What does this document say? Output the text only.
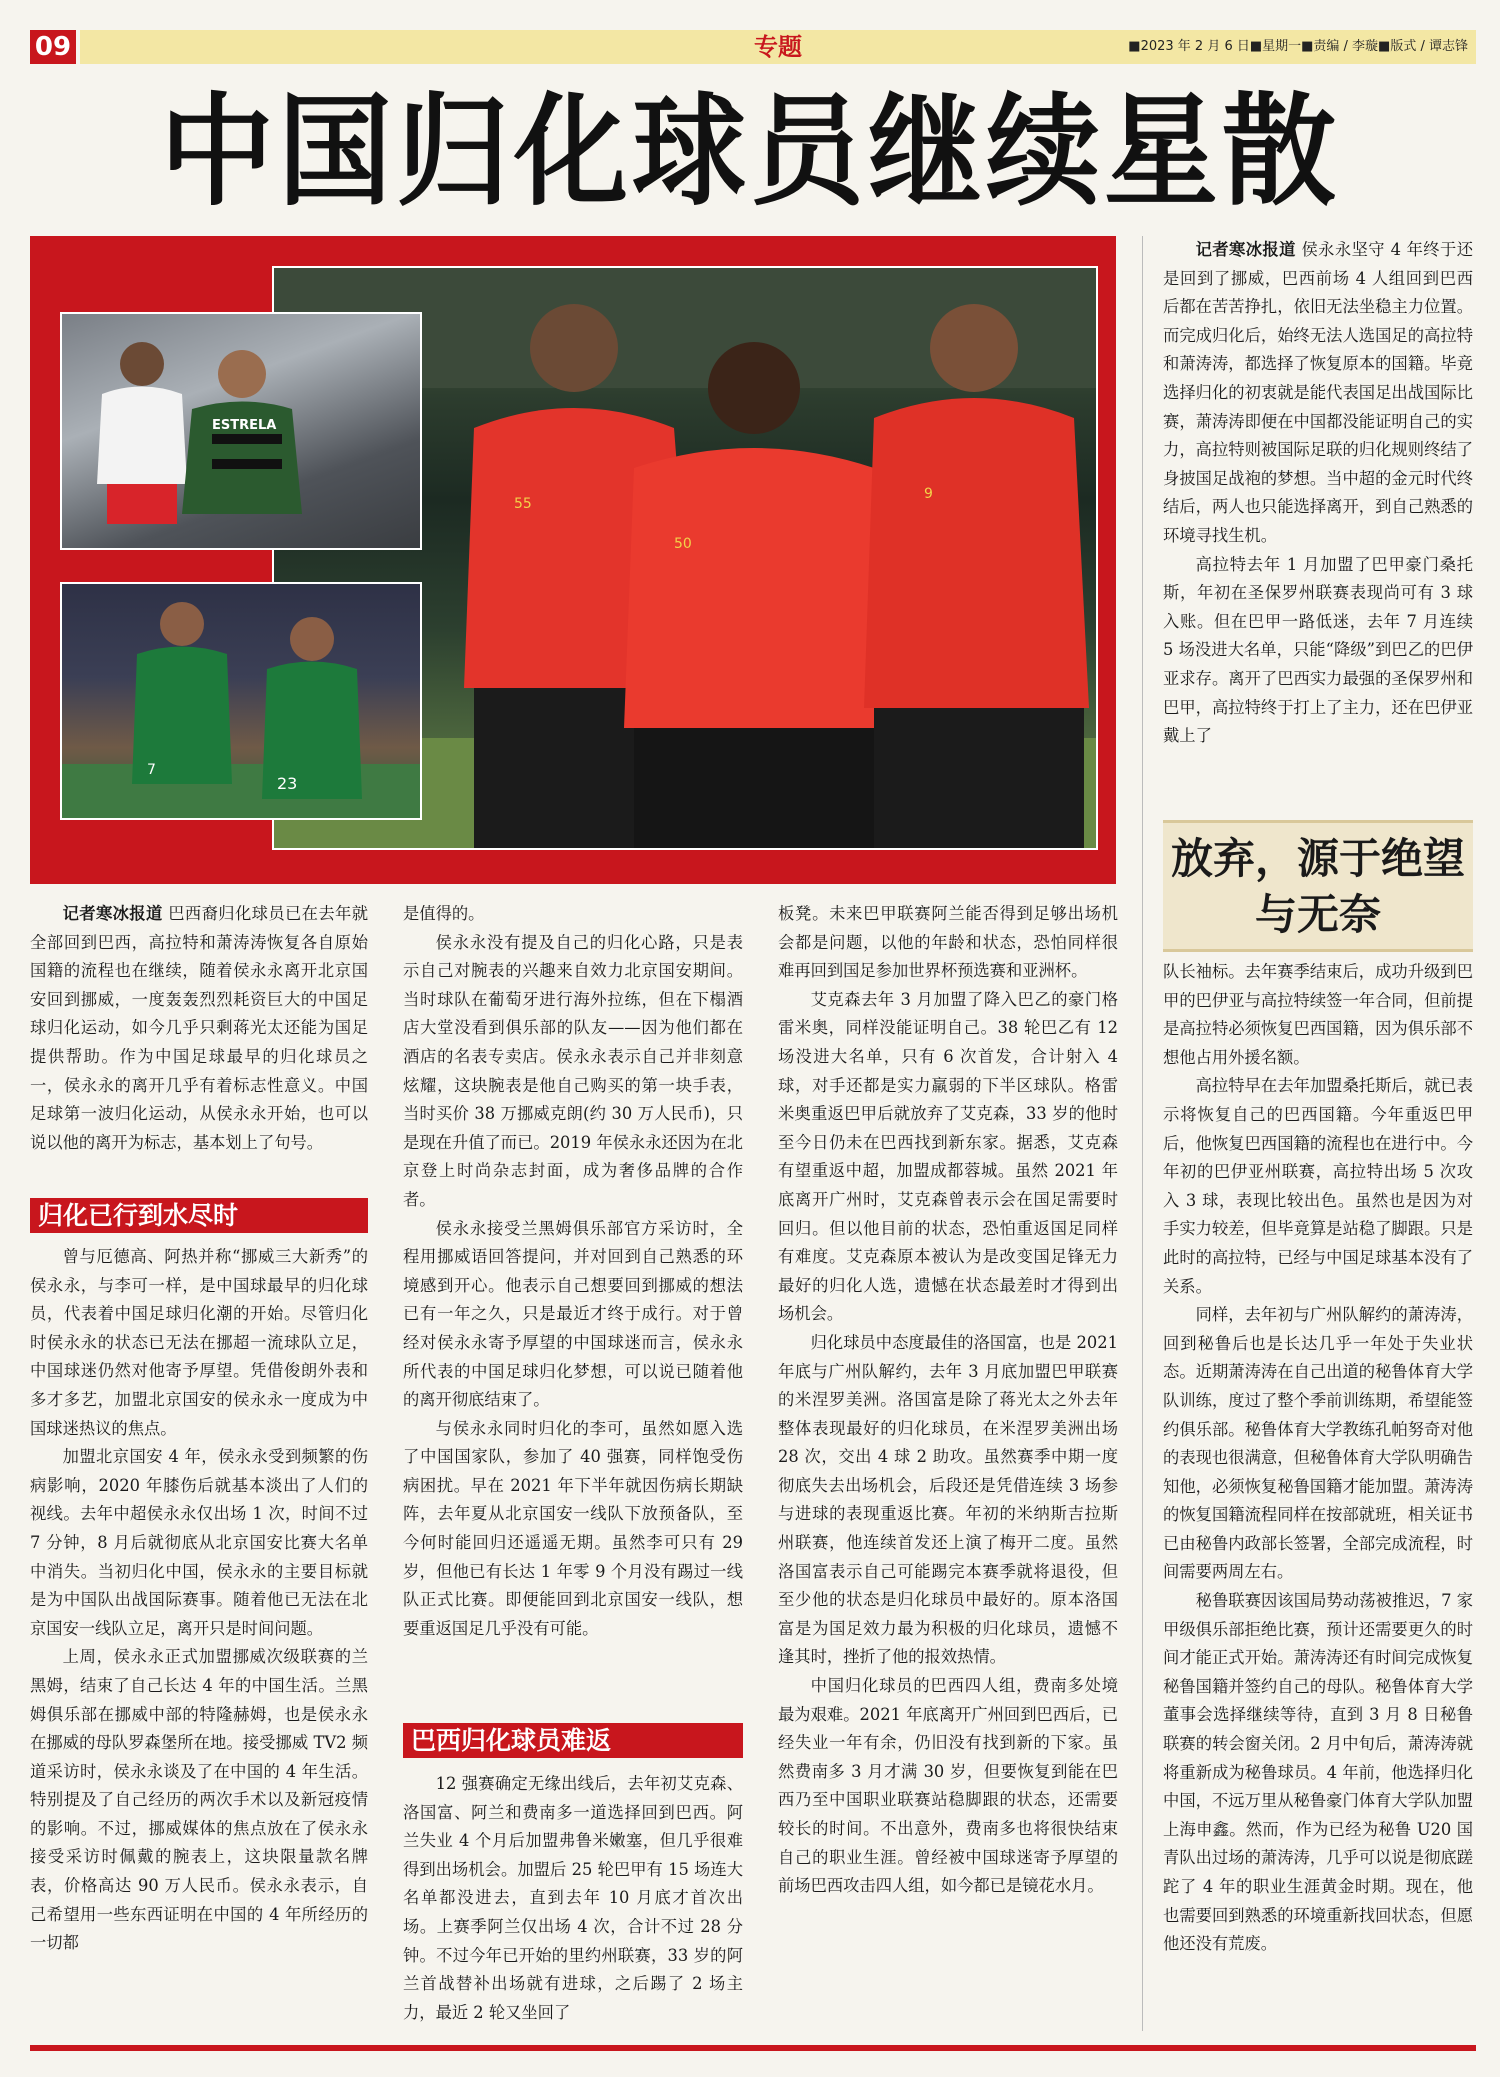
09	专题	■2023 年 2 月 6 日■星期一■责编 / 李璇■版式 / 谭志锋
中国归化球员继续星散
55
50
9
ESTRELA
7
23

记者寒冰报道 巴西裔归化球员已在去年就全部回到巴西，高拉特和萧涛涛恢复各自原始国籍的流程也在继续，随着侯永永离开北京国安回到挪威，一度轰轰烈烈耗资巨大的中国足球归化运动，如今几乎只剩蒋光太还能为国足提供帮助。作为中国足球最早的归化球员之一，侯永永的离开几乎有着标志性意义。中国足球第一波归化运动，从侯永永开始，也可以说以他的离开为标志，基本划上了句号。

归化已行到水尽时

曾与厄德高、阿热并称“挪威三大新秀”的侯永永，与李可一样，是中国球最早的归化球员，代表着中国足球归化潮的开始。尽管归化时侯永永的状态已无法在挪超一流球队立足，中国球迷仍然对他寄予厚望。凭借俊朗外表和多才多艺，加盟北京国安的侯永永一度成为中国球迷热议的焦点。

加盟北京国安 4 年，侯永永受到频繁的伤病影响，2020 年膝伤后就基本淡出了人们的视线。去年中超侯永永仅出场 1 次，时间不过 7 分钟，8 月后就彻底从北京国安比赛大名单中消失。当初归化中国，侯永永的主要目标就是为中国队出战国际赛事。随着他已无法在北京国安一线队立足，离开只是时间问题。

上周，侯永永正式加盟挪威次级联赛的兰黑姆，结束了自己长达 4 年的中国生活。兰黑姆俱乐部在挪威中部的特隆赫姆，也是侯永永在挪威的母队罗森堡所在地。接受挪威 TV2 频道采访时，侯永永谈及了在中国的 4 年生活。特别提及了自己经历的两次手术以及新冠疫情的影响。不过，挪威媒体的焦点放在了侯永永接受采访时佩戴的腕表上，这块限量款名牌表，价格高达 90 万人民币。侯永永表示，自己希望用一些东西证明在中国的 4 年所经历的一切都

是值得的。

侯永永没有提及自己的归化心路，只是表示自己对腕表的兴趣来自效力北京国安期间。当时球队在葡萄牙进行海外拉练，但在下榻酒店大堂没看到俱乐部的队友——因为他们都在酒店的名表专卖店。侯永永表示自己并非刻意炫耀，这块腕表是他自己购买的第一块手表，当时买价 38 万挪威克朗(约 30 万人民币)，只是现在升值了而已。2019 年侯永永还因为在北京登上时尚杂志封面，成为奢侈品牌的合作者。

侯永永接受兰黑姆俱乐部官方采访时，全程用挪威语回答提问，并对回到自己熟悉的环境感到开心。他表示自己想要回到挪威的想法已有一年之久，只是最近才终于成行。对于曾经对侯永永寄予厚望的中国球迷而言，侯永永所代表的中国足球归化梦想，可以说已随着他的离开彻底结束了。

与侯永永同时归化的李可，虽然如愿入选了中国国家队，参加了 40 强赛，同样饱受伤病困扰。早在 2021 年下半年就因伤病长期缺阵，去年夏从北京国安一线队下放预备队，至今何时能回归还遥遥无期。虽然李可只有 29 岁，但他已有长达 1 年零 9 个月没有踢过一线队正式比赛。即便能回到北京国安一线队，想要重返国足几乎没有可能。

巴西归化球员难返

12 强赛确定无缘出线后，去年初艾克森、洛国富、阿兰和费南多一道选择回到巴西。阿兰失业 4 个月后加盟弗鲁米嫩塞，但几乎很难得到出场机会。加盟后 25 轮巴甲有 15 场连大名单都没进去，直到去年 10 月底才首次出场。上赛季阿兰仅出场 4 次，合计不过 28 分钟。不过今年已开始的里约州联赛，33 岁的阿兰首战替补出场就有进球，之后踢了 2 场主力，最近 2 轮又坐回了

板凳。未来巴甲联赛阿兰能否得到足够出场机会都是问题，以他的年龄和状态，恐怕同样很难再回到国足参加世界杯预选赛和亚洲杯。

艾克森去年 3 月加盟了降入巴乙的豪门格雷米奥，同样没能证明自己。38 轮巴乙有 12 场没进大名单，只有 6 次首发，合计射入 4 球，对手还都是实力羸弱的下半区球队。格雷米奥重返巴甲后就放弃了艾克森，33 岁的他时至今日仍未在巴西找到新东家。据悉，艾克森有望重返中超，加盟成都蓉城。虽然 2021 年底离开广州时，艾克森曾表示会在国足需要时回归。但以他目前的状态，恐怕重返国足同样有难度。艾克森原本被认为是改变国足锋无力最好的归化人选，遗憾在状态最差时才得到出场机会。

归化球员中态度最佳的洛国富，也是 2021 年底与广州队解约，去年 3 月底加盟巴甲联赛的米涅罗美洲。洛国富是除了蒋光太之外去年整体表现最好的归化球员，在米涅罗美洲出场 28 次，交出 4 球 2 助攻。虽然赛季中期一度彻底失去出场机会，后段还是凭借连续 3 场参与进球的表现重返比赛。年初的米纳斯吉拉斯州联赛，他连续首发还上演了梅开二度。虽然洛国富表示自己可能踢完本赛季就将退役，但至少他的状态是归化球员中最好的。原本洛国富是为国足效力最为积极的归化球员，遗憾不逢其时，挫折了他的报效热情。

中国归化球员的巴西四人组，费南多处境最为艰难。2021 年底离开广州回到巴西后，已经失业一年有余，仍旧没有找到新的下家。虽然费南多 3 月才满 30 岁，但要恢复到能在巴西乃至中国职业联赛站稳脚跟的状态，还需要较长的时间。不出意外，费南多也将很快结束自己的职业生涯。曾经被中国球迷寄予厚望的前场巴西攻击四人组，如今都已是镜花水月。

记者寒冰报道 侯永永坚守 4 年终于还是回到了挪威，巴西前场 4 人组回到巴西后都在苦苦挣扎，依旧无法坐稳主力位置。而完成归化后，始终无法人选国足的高拉特和萧涛涛，都选择了恢复原本的国籍。毕竟选择归化的初衷就是能代表国足出战国际比赛，萧涛涛即便在中国都没能证明自己的实力，高拉特则被国际足联的归化规则终结了身披国足战袍的梦想。当中超的金元时代终结后，两人也只能选择离开，到自己熟悉的环境寻找生机。

高拉特去年 1 月加盟了巴甲豪门桑托斯，年初在圣保罗州联赛表现尚可有 3 球入账。但在巴甲一路低迷，去年 7 月连续 5 场没进大名单，只能“降级”到巴乙的巴伊亚求存。离开了巴西实力最强的圣保罗州和巴甲，高拉特终于打上了主力，还在巴伊亚戴上了

放弃，源于绝望与无奈

队长袖标。去年赛季结束后，成功升级到巴甲的巴伊亚与高拉特续签一年合同，但前提是高拉特必须恢复巴西国籍，因为俱乐部不想他占用外援名额。

高拉特早在去年加盟桑托斯后，就已表示将恢复自己的巴西国籍。今年重返巴甲后，他恢复巴西国籍的流程也在进行中。今年初的巴伊亚州联赛，高拉特出场 5 次攻入 3 球，表现比较出色。虽然也是因为对手实力较差，但毕竟算是站稳了脚跟。只是此时的高拉特，已经与中国足球基本没有了关系。

同样，去年初与广州队解约的萧涛涛，回到秘鲁后也是长达几乎一年处于失业状态。近期萧涛涛在自己出道的秘鲁体育大学队训练，度过了整个季前训练期，希望能签约俱乐部。秘鲁体育大学教练孔帕努奇对他的表现也很满意，但秘鲁体育大学队明确告知他，必须恢复秘鲁国籍才能加盟。萧涛涛的恢复国籍流程同样在按部就班，相关证书已由秘鲁内政部长签署，全部完成流程，时间需要两周左右。

秘鲁联赛因该国局势动荡被推迟，7 家甲级俱乐部拒绝比赛，预计还需要更久的时间才能正式开始。萧涛涛还有时间完成恢复秘鲁国籍并签约自己的母队。秘鲁体育大学董事会选择继续等待，直到 3 月 8 日秘鲁联赛的转会窗关闭。2 月中旬后，萧涛涛就将重新成为秘鲁球员。4 年前，他选择归化中国，不远万里从秘鲁豪门体育大学队加盟上海申鑫。然而，作为已经为秘鲁 U20 国青队出过场的萧涛涛，几乎可以说是彻底蹉跎了 4 年的职业生涯黄金时期。现在，他也需要回到熟悉的环境重新找回状态，但愿他还没有荒废。
